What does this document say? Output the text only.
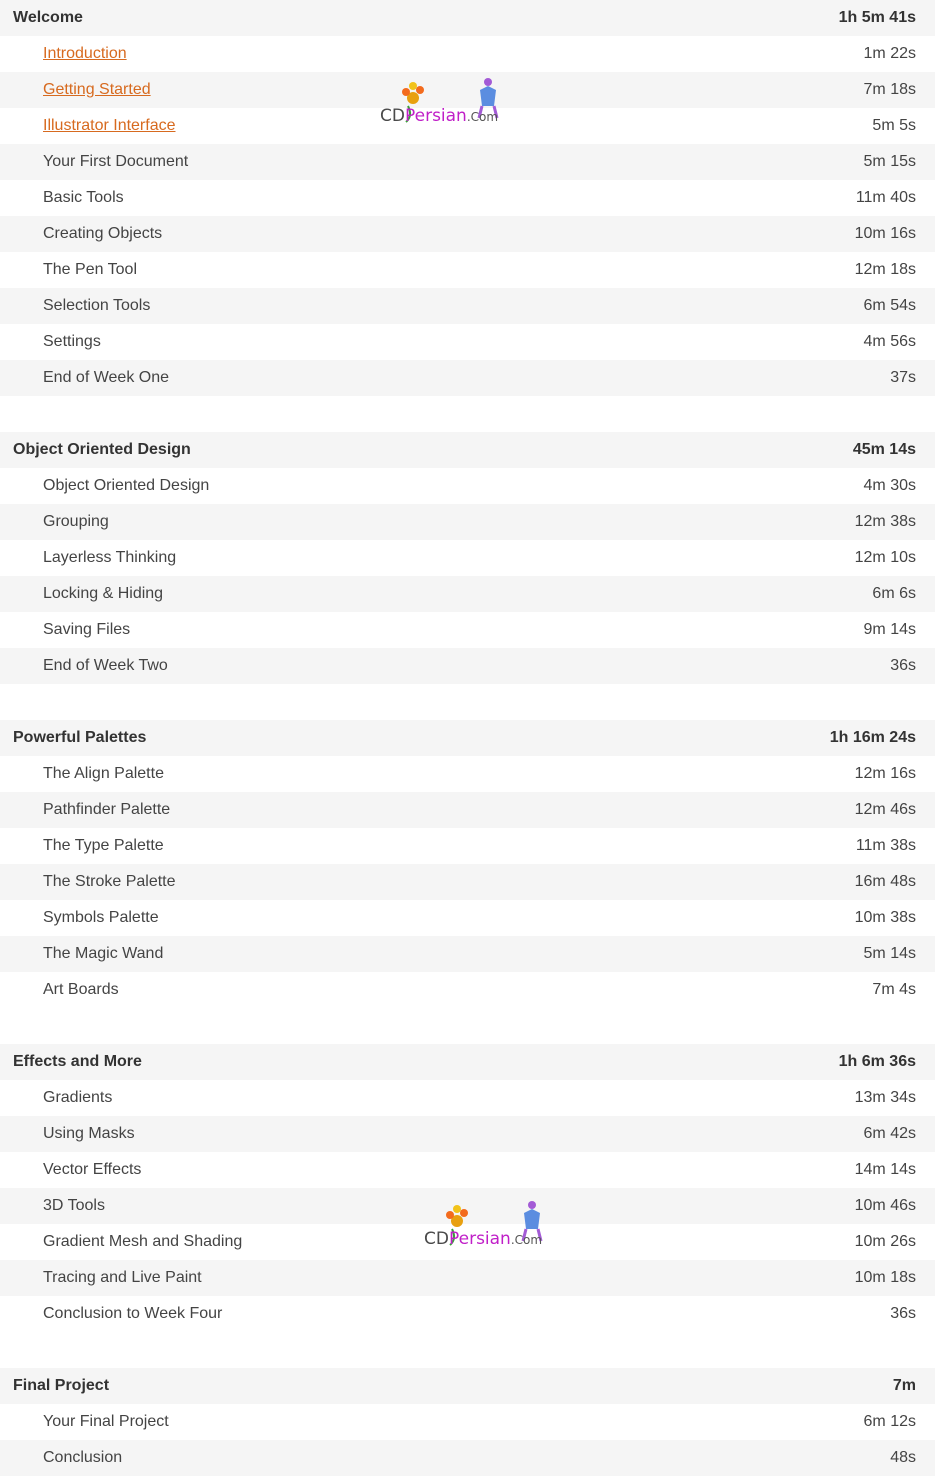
Welcome	1h 5m 41s
Introduction	1m 22s
Getting Started	7m 18s
Illustrator Interface	5m 5s
Your First Document	5m 15s
Basic Tools	11m 40s
Creating Objects	10m 16s
The Pen Tool	12m 18s
Selection Tools	6m 54s
Settings	4m 56s
End of Week One	37s
Object Oriented Design	45m 14s
Object Oriented Design	4m 30s
Grouping	12m 38s
Layerless Thinking	12m 10s
Locking & Hiding	6m 6s
Saving Files	9m 14s
End of Week Two	36s
Powerful Palettes	1h 16m 24s
The Align Palette	12m 16s
Pathfinder Palette	12m 46s
The Type Palette	11m 38s
The Stroke Palette	16m 48s
Symbols Palette	10m 38s
The Magic Wand	5m 14s
Art Boards	7m 4s
Effects and More	1h 6m 36s
Gradients	13m 34s
Using Masks	6m 42s
Vector Effects	14m 14s
3D Tools	10m 46s
Gradient Mesh and Shading	10m 26s
Tracing and Live Paint	10m 18s
Conclusion to Week Four	36s
Final Project	7m
Your Final Project	6m 12s
Conclusion	48s
CDPersian.Com
CDPersian.Com
